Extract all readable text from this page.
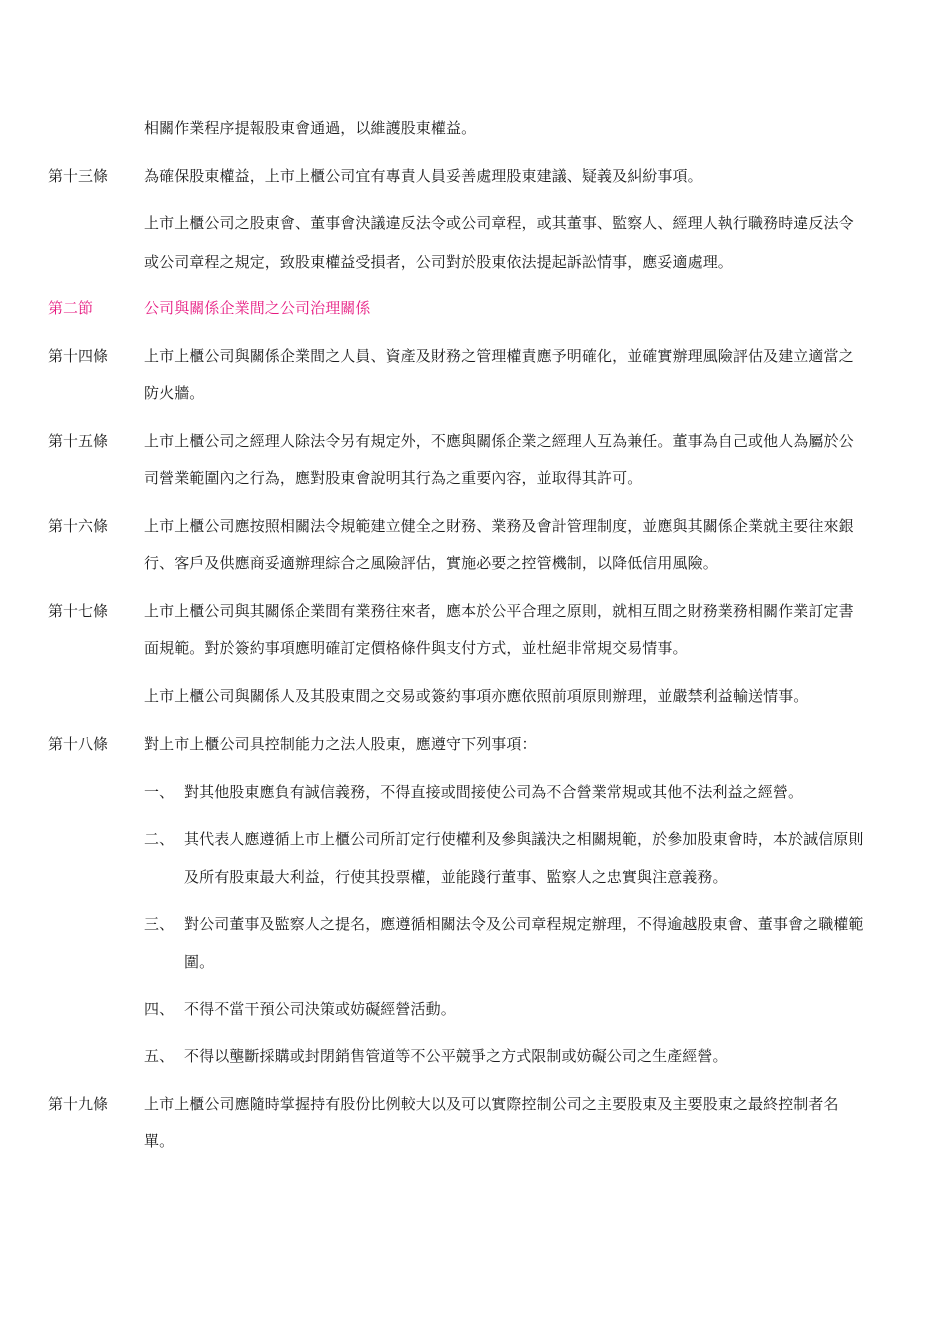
相關作業程序提報股東會通過，以維護股東權益。
第十三條 為確保股東權益，上市上櫃公司宜有專責人員妥善處理股東建議、疑義及糾紛事項。
上市上櫃公司之股東會、董事會決議違反法令或公司章程，或其董事、監察人、經理人執行職務時違反法令
或公司章程之規定，致股東權益受損者，公司對於股東依法提起訴訟情事，應妥適處理。
第二節	公司與關係企業間之公司治理關係
第十四條 上市上櫃公司與關係企業間之人員、資產及財務之管理權責應予明確化，並確實辦理風險評估及建立適當之
防火牆。
第十五條 上市上櫃公司之經理人除法令另有規定外，不應與關係企業之經理人互為兼任。董事為自己或他人為屬於公
司營業範圍內之行為，應對股東會說明其行為之重要內容，並取得其許可。
第十六條 上市上櫃公司應按照相關法令規範建立健全之財務、業務及會計管理制度，並應與其關係企業就主要往來銀
行、客戶及供應商妥適辦理綜合之風險評估，實施必要之控管機制，以降低信用風險。
第十七條 上市上櫃公司與其關係企業間有業務往來者，應本於公平合理之原則，就相互間之財務業務相關作業訂定書
面規範。對於簽約事項應明確訂定價格條件與支付方式，並杜絕非常規交易情事。
上市上櫃公司與關係人及其股東間之交易或簽約事項亦應依照前項原則辦理，並嚴禁利益輸送情事。
第十八條 對上市上櫃公司具控制能力之法人股東，應遵守下列事項：
一、 對其他股東應負有誠信義務，不得直接或間接使公司為不合營業常規或其他不法利益之經營。
二、 其代表人應遵循上市上櫃公司所訂定行使權利及參與議決之相關規範，於參加股東會時，本於誠信原則
及所有股東最大利益，行使其投票權，並能踐行董事、監察人之忠實與注意義務。
三、 對公司董事及監察人之提名，應遵循相關法令及公司章程規定辦理，不得逾越股東會、董事會之職權範
圍。
四、 不得不當干預公司決策或妨礙經營活動。
五、 不得以壟斷採購或封閉銷售管道等不公平競爭之方式限制或妨礙公司之生產經營。
第十九條 上市上櫃公司應隨時掌握持有股份比例較大以及可以實際控制公司之主要股東及主要股東之最終控制者名
單。
